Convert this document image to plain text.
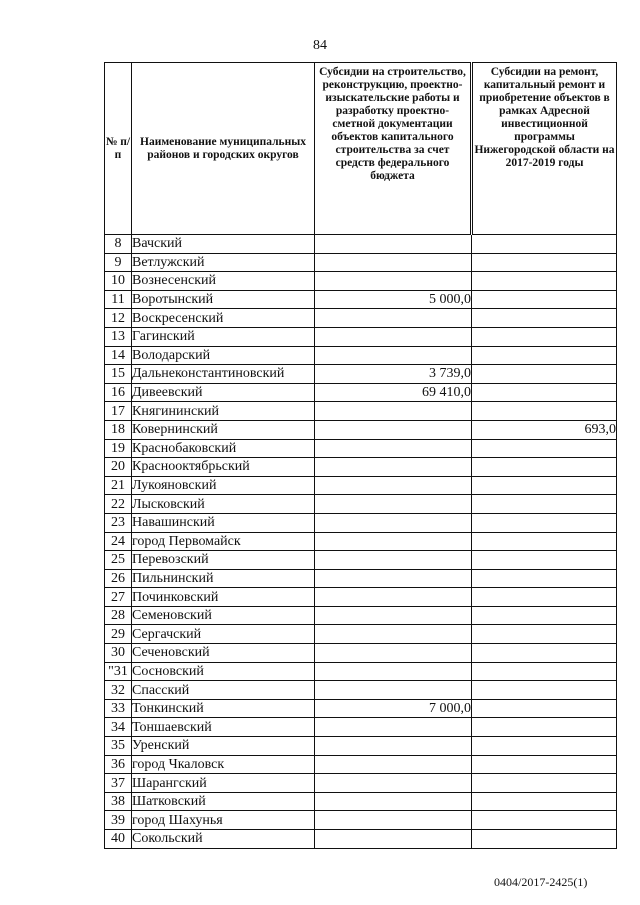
84
№ п/п	Наименование муниципальных районов и городских округов	Субсидии на строительство, реконструкцию, проектно-изыскательские работы и разработку проектно-сметной документации объектов капитального строительства за счет средств федерального бюджета	Субсидии на ремонт, капитальный ремонт и приобретение объектов в рамках Адресной инвестиционной программы Нижегородской области на 2017-2019 годы
8	Вачский		
9	Ветлужский		
10	Вознесенский		
11	Воротынский	5 000,0	
12	Воскресенский		
13	Гагинский		
14	Володарский		
15	Дальнеконстантиновский	3 739,0	
16	Дивеевский	69 410,0	
17	Княгининский		
18	Ковернинский		693,0
19	Краснобаковский		
20	Краснооктябрьский		
21	Лукояновский		
22	Лысковский		
23	Навашинский		
24	город Первомайск		
25	Перевозский		
26	Пильнинский		
27	Починковский		
28	Семеновский		
29	Сергачский		
30	Сеченовский		
"31	Сосновский		
32	Спасский		
33	Тонкинский	7 000,0	
34	Тоншаевский		
35	Уренский		
36	город Чкаловск		
37	Шарангский		
38	Шатковский		
39	город Шахунья		
40	Сокольский		
0404/2017-2425(1)
